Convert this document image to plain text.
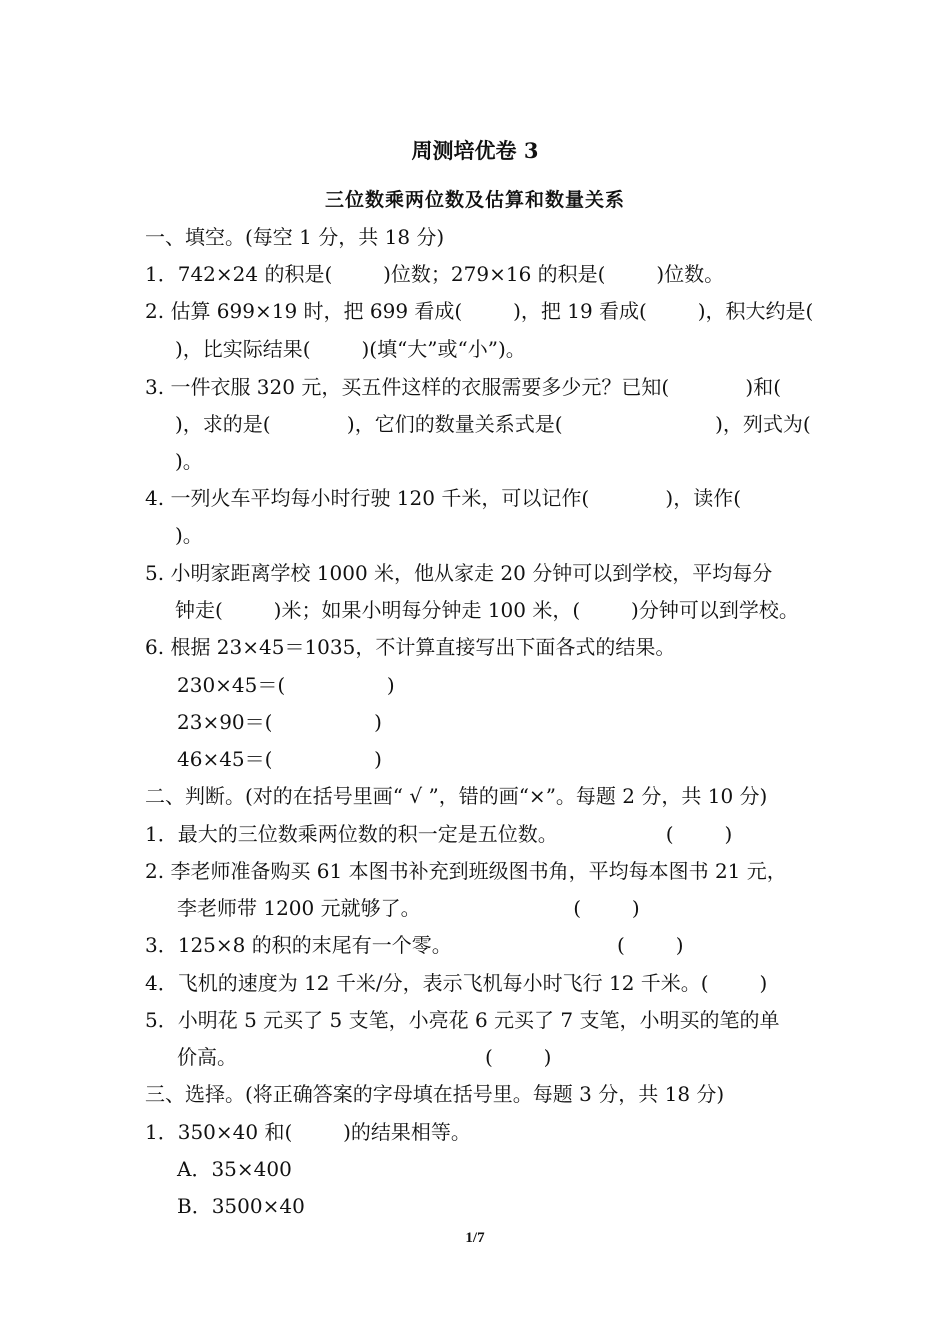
周测培优卷 3
三位数乘两位数及估算和数量关系
一、填空。(每空 1 分，共 18 分)
1．742×24 的积是(        )位数；279×16 的积是(        )位数。
2. 估算 699×19 时，把 699 看成(        )，把 19 看成(        )，积大约是(
)，比实际结果(        )(填“大”或“小”)。
3. 一件衣服 320 元，买五件这样的衣服需要多少元？已知(            )和(
)，求的是(            )，它们的数量关系式是(                        )，列式为(
)。
4. 一列火车平均每小时行驶 120 千米，可以记作(            )，读作(
)。
5. 小明家距离学校 1000 米，他从家走 20 分钟可以到学校，平均每分
钟走(        )米；如果小明每分钟走 100 米，(        )分钟可以到学校。
6. 根据 23×45＝1035，不计算直接写出下面各式的结果。
230×45＝(                )
23×90＝(                )
46×45＝(                )
二、判断。(对的在括号里画“ √ ”，错的画“×”。每题 2 分，共 10 分)
1．最大的三位数乘两位数的积一定是五位数。                 (        )
2. 李老师准备购买 61 本图书补充到班级图书角，平均每本图书 21 元，
李老师带 1200 元就够了。                        (        )
3．125×8 的积的末尾有一个零。                          (        )
4．飞机的速度为 12 千米/分，表示飞机每小时飞行 12 千米。(        )
5．小明花 5 元买了 5 支笔，小亮花 6 元买了 7 支笔，小明买的笔的单
价高。                                       (        )
三、选择。(将正确答案的字母填在括号里。每题 3 分，共 18 分)
1．350×40 和(        )的结果相等。
A．35×400
B．3500×40
1/7
